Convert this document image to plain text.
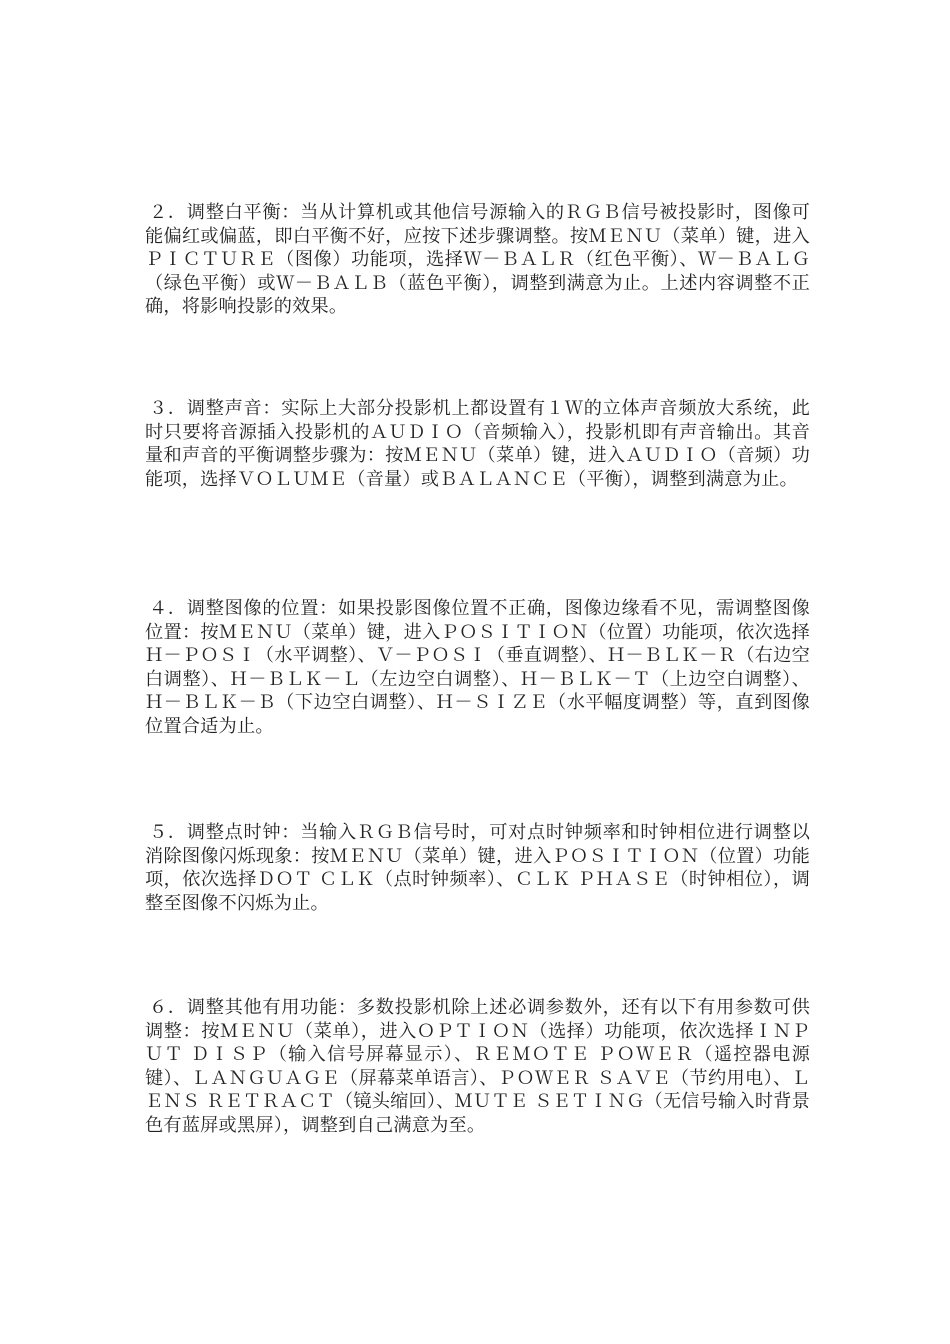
２．调整白平衡：当从计算机或其他信号源输入的ＲＧＢ信号被投影时，图像可能偏红或偏蓝，即白平衡不好，应按下述步骤调整。按ＭＥＮＵ（菜单）键，进入ＰＩＣＴＵＲＥ（图像）功能项，选择Ｗ－ＢＡＬＲ（红色平衡）、Ｗ－ＢＡＬＧ（绿色平衡）或Ｗ－ＢＡＬＢ（蓝色平衡），调整到满意为止。上述内容调整不正确，将影响投影的效果。

３．调整声音：实际上大部分投影机上都设置有１Ｗ的立体声音频放大系统，此时只要将音源插入投影机的ＡＵＤＩＯ（音频输入），投影机即有声音输出。其音量和声音的平衡调整步骤为：按ＭＥＮＵ（菜单）键，进入ＡＵＤＩＯ（音频）功能项，选择ＶＯＬＵＭＥ（音量）或ＢＡＬＡＮＣＥ（平衡），调整到满意为止。

４．调整图像的位置：如果投影图像位置不正确，图像边缘看不见，需调整图像位置：按ＭＥＮＵ（菜单）键，进入ＰＯＳＩＴＩＯＮ（位置）功能项，依次选择Ｈ－ＰＯＳＩ（水平调整）、Ｖ－ＰＯＳＩ（垂直调整）、Ｈ－ＢＬＫ－Ｒ（右边空白调整）、Ｈ－ＢＬＫ－Ｌ（左边空白调整）、Ｈ－ＢＬＫ－Ｔ（上边空白调整）、Ｈ－ＢＬＫ－Ｂ（下边空白调整）、Ｈ－ＳＩＺＥ（水平幅度调整）等，直到图像位置合适为止。

５．调整点时钟：当输入ＲＧＢ信号时，可对点时钟频率和时钟相位进行调整以消除图像闪烁现象：按ＭＥＮＵ（菜单）键，进入ＰＯＳＩＴＩＯＮ（位置）功能项，依次选择ＤＯＴ ＣＬＫ（点时钟频率）、ＣＬＫ ＰＨＡＳＥ（时钟相位），调整至图像不闪烁为止。

６．调整其他有用功能：多数投影机除上述必调参数外，还有以下有用参数可供调整：按ＭＥＮＵ（菜单），进入ＯＰＴＩＯＮ（选择）功能项，依次选择ＩＮＰＵＴ ＤＩＳＰ（输入信号屏幕显示）、ＲＥＭＯＴＥ ＰＯＷＥＲ（遥控器电源键）、ＬＡＮＧＵＡＧＥ（屏幕菜单语言）、ＰＯＷＥＲ ＳＡＶＥ（节约用电）、ＬＥＮＳ ＲＥＴＲＡＣＴ（镜头缩回）、ＭＵＴＥ ＳＥＴＩＮＧ（无信号输入时背景色有蓝屏或黑屏），调整到自己满意为至。
